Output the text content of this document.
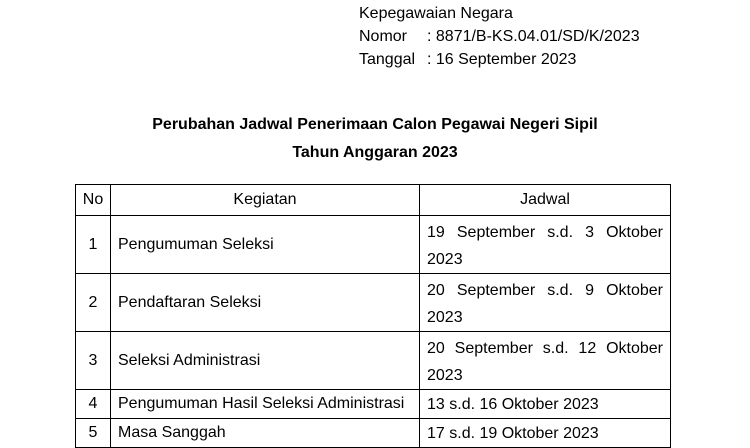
Kepegawaian Negara
Nomor	: 8871/B-KS.04.01/SD/K/2023
Tanggal : 16 September 2023
Perubahan Jadwal Penerimaan Calon Pegawai Negeri Sipil
Tahun Anggaran 2023
No	Kegiatan	Jadwal
1	Pengumuman Seleksi	19 September s.d. 3 Oktober 2023
2	Pendaftaran Seleksi	20 September s.d. 9 Oktober 2023
3	Seleksi Administrasi	20 September s.d. 12 Oktober 2023
4	Pengumuman Hasil Seleksi Administrasi	13 s.d. 16 Oktober 2023
5	Masa Sanggah	17 s.d. 19 Oktober 2023
